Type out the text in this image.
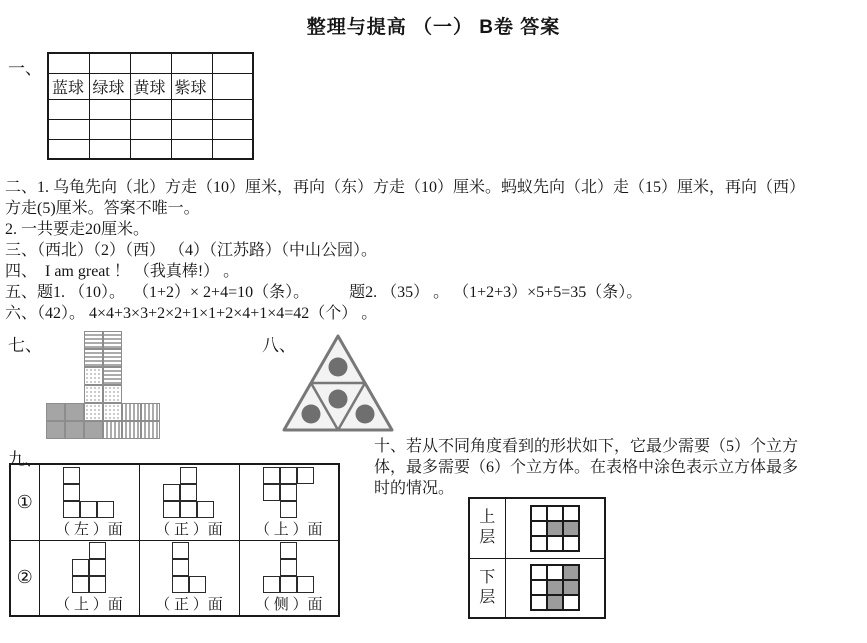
整理与提高 （一） B卷 答案
一、

蓝球	绿球	黄球	紫球	

二、1. 乌龟先向（北）方走（10）厘米，再向（东）方走（10）厘米。蚂蚁先向（北）走（15）厘米，再向（西）
方走(5)厘米。答案不唯一。
2. 一共要走20厘米。
三、（西北）（2）（西） （4）（江苏路）（中山公园）。
四、  I am great ！ （我真棒!） 。
五、题1. （10）。  （1+2）× 2+4=10（条）。　　　题2. （35） 。 （1+2+3）×5+5=35（条）。
六、（42）。 4×4+3×3+2×2+1×1+2×4+1×4=42（个） 。
七、	八、
九、
①	（ 左 ）面	（ 正 ）面	（ 上 ）面

②	（ 上 ）面	（ 正 ）面	（ 侧 ）面
十、若从不同角度看到的形状如下，它最少需要（5）个立方
体，最多需要（6）个立方体。在表格中涂色表示立方体最多
时的情况。
上层	

下层	
